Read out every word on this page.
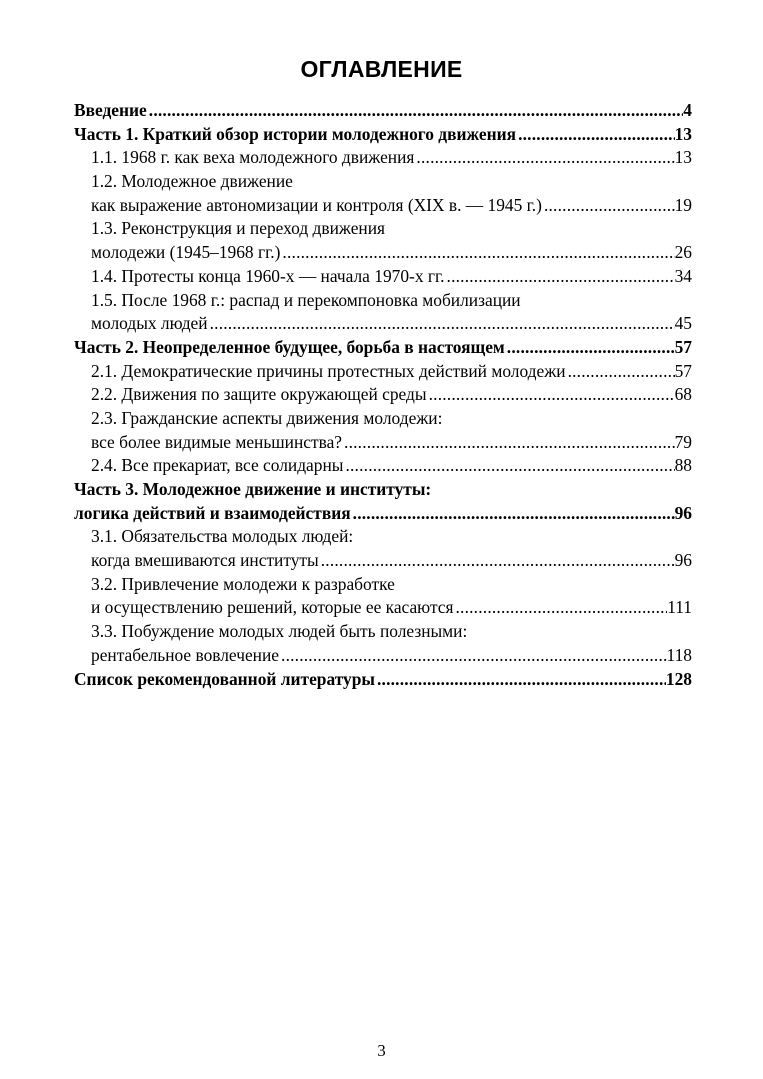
ОГЛАВЛЕНИЕ
Введение .....	4
Часть 1. Краткий обзор истории молодежного движения .....	13
1.1. 1968 г. как веха молодежного движения .....	13
1.2. Молодежное движение
как выражение автономизации и контроля (XIX в. — 1945 г.) .....	19
1.3. Реконструкция и переход движения
молодежи (1945–1968 гг.) .....	26
1.4. Протесты конца 1960-х — начала 1970-х гг. .....	34
1.5. После 1968 г.: распад и перекомпоновка мобилизации
молодых людей .....	45
Часть 2. Неопределенное будущее, борьба в настоящем .....	57
2.1. Демократические причины протестных действий молодежи .....	57
2.2. Движения по защите окружающей среды .....	68
2.3. Гражданские аспекты движения молодежи:
все более видимые меньшинства? .....	79
2.4. Все прекариат, все солидарны .....	88
Часть 3. Молодежное движение и институты:
логика действий и взаимодействия .....	96
3.1. Обязательства молодых людей:
когда вмешиваются институты .....	96
3.2. Привлечение молодежи к разработке
и осуществлению решений, которые ее касаются .....	111
3.3. Побуждение молодых людей быть полезными:
рентабельное вовлечение .....	118
Список рекомендованной литературы .....	128
3
